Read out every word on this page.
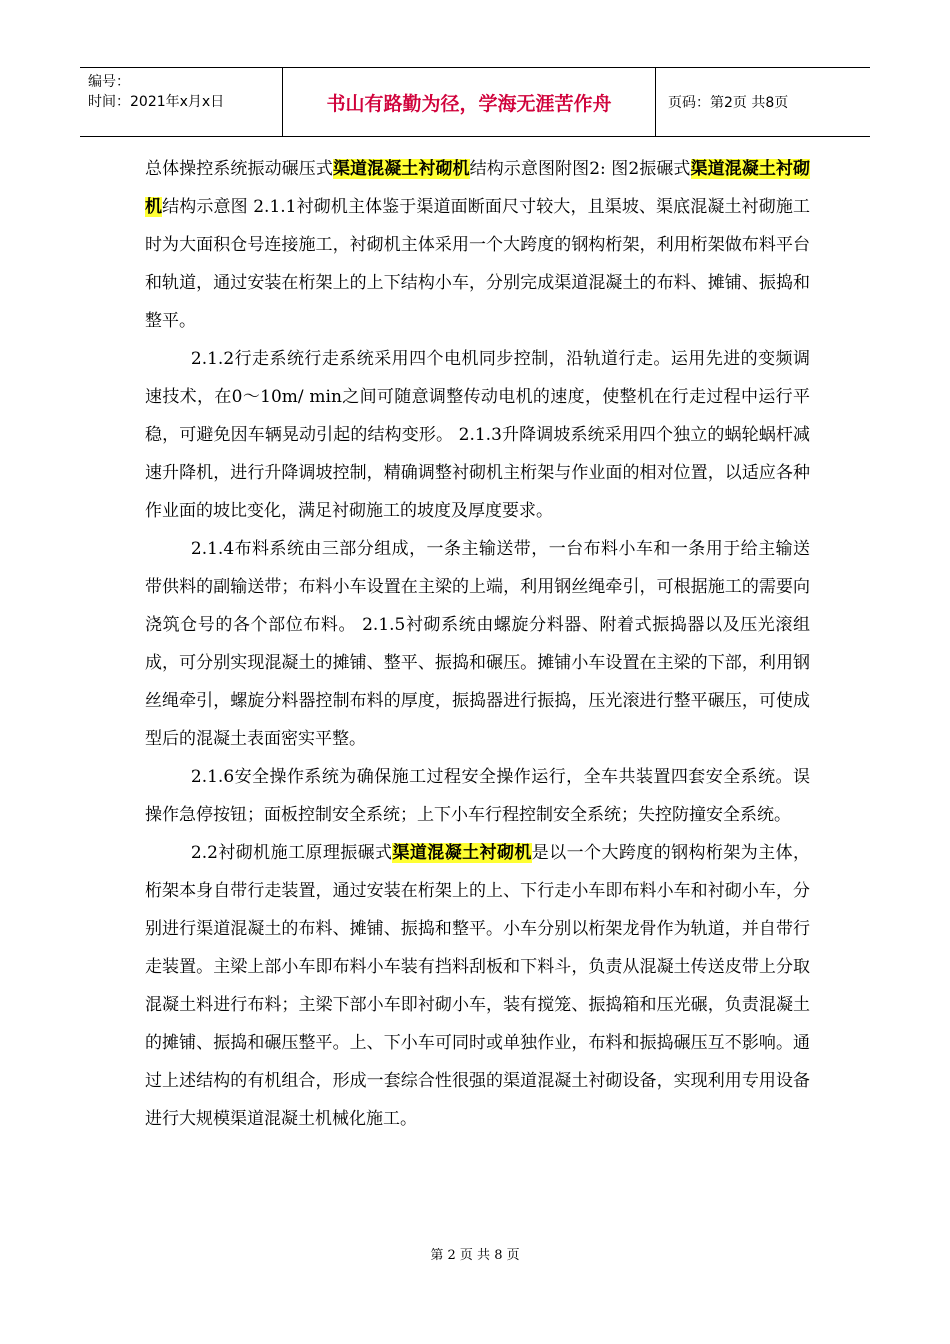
编号：
时间：2021年x月x日	书山有路勤为径，学海无涯苦作舟	页码：第2页 共8页

总体操控系统振动碾压式渠道混凝土衬砌机结构示意图附图2: 图2振碾式渠道混凝土衬砌机结构示意图 2.1.1衬砌机主体鉴于渠道面断面尺寸较大，且渠坡、渠底混凝土衬砌施工时为大面积仓号连接施工，衬砌机主体采用一个大跨度的钢构桁架，利用桁架做布料平台和轨道，通过安装在桁架上的上下结构小车，分别完成渠道混凝土的布料、摊铺、振捣和整平。

2.1.2行走系统行走系统采用四个电机同步控制，沿轨道行走。运用先进的变频调速技术，在0～10m/ min之间可随意调整传动电机的速度，使整机在行走过程中运行平稳，可避免因车辆晃动引起的结构变形。 2.1.3升降调坡系统采用四个独立的蜗轮蜗杆减速升降机，进行升降调坡控制，精确调整衬砌机主桁架与作业面的相对位置，以适应各种作业面的坡比变化，满足衬砌施工的坡度及厚度要求。

2.1.4布料系统由三部分组成，一条主输送带，一台布料小车和一条用于给主输送带供料的副输送带；布料小车设置在主梁的上端，利用钢丝绳牵引，可根据施工的需要向浇筑仓号的各个部位布料。 2.1.5衬砌系统由螺旋分料器、附着式振捣器以及压光滚组成，可分别实现混凝土的摊铺、整平、振捣和碾压。摊铺小车设置在主梁的下部，利用钢丝绳牵引，螺旋分料器控制布料的厚度，振捣器进行振捣，压光滚进行整平碾压，可使成型后的混凝土表面密实平整。

2.1.6安全操作系统为确保施工过程安全操作运行，全车共装置四套安全系统。误操作急停按钮；面板控制安全系统；上下小车行程控制安全系统；失控防撞安全系统。

2.2衬砌机施工原理振碾式渠道混凝土衬砌机是以一个大跨度的钢构桁架为主体，桁架本身自带行走装置，通过安装在桁架上的上、下行走小车即布料小车和衬砌小车，分别进行渠道混凝土的布料、摊铺、振捣和整平。小车分别以桁架龙骨作为轨道，并自带行走装置。主梁上部小车即布料小车装有挡料刮板和下料斗，负责从混凝土传送皮带上分取混凝土料进行布料；主梁下部小车即衬砌小车，装有搅笼、振捣箱和压光碾，负责混凝土的摊铺、振捣和碾压整平。上、下小车可同时或单独作业，布料和振捣碾压互不影响。通过上述结构的有机组合，形成一套综合性很强的渠道混凝土衬砌设备，实现利用专用设备进行大规模渠道混凝土机械化施工。

第 2 页 共 8 页
